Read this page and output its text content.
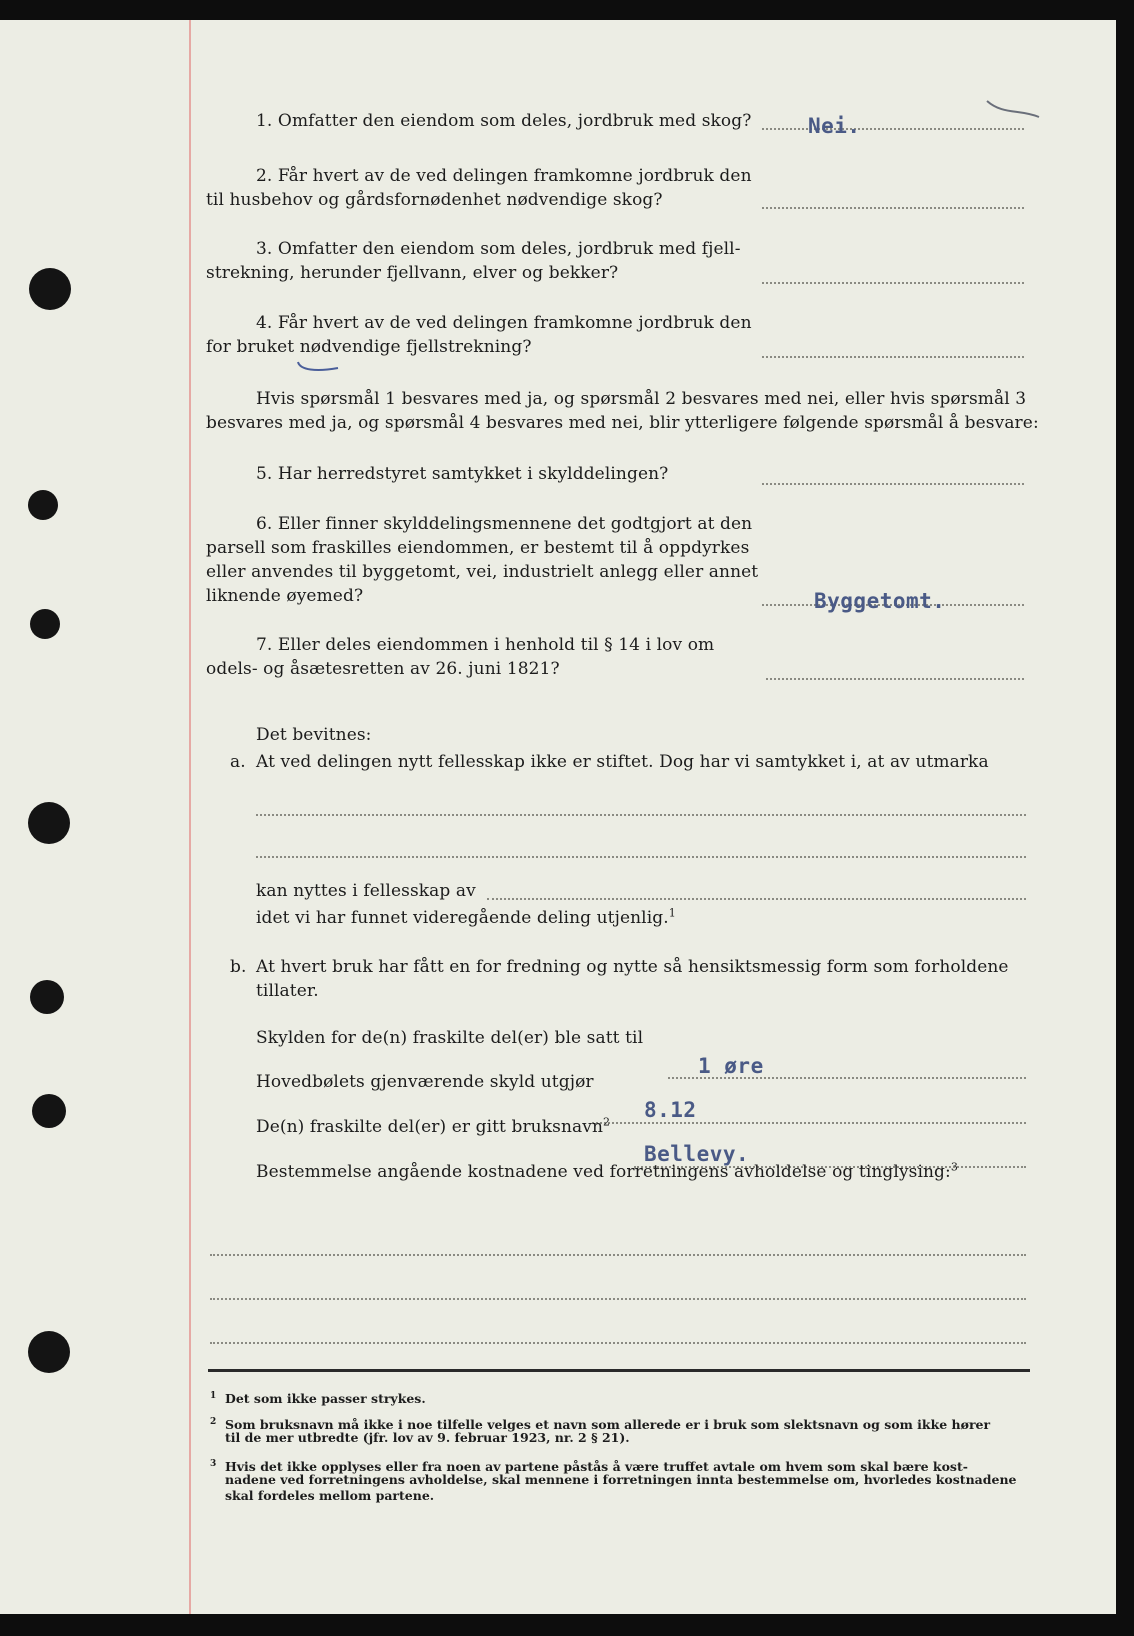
1. Omfatter den eiendom som deles, jordbruk med skog?	Nei.
2. Får hvert av de ved delingen framkomne jordbruk den
til husbehov og gårdsfornødenhet nødvendige skog?
3. Omfatter den eiendom som deles, jordbruk med fjell-
strekning, herunder fjellvann, elver og bekker?
4. Får hvert av de ved delingen framkomne jordbruk den
for bruket nødvendige fjellstrekning?
Hvis spørsmål 1 besvares med ja, og spørsmål 2 besvares med nei, eller hvis spørsmål 3
besvares med ja, og spørsmål 4 besvares med nei, blir ytterligere følgende spørsmål å besvare:
5. Har herredstyret samtykket i skylddelingen?
6. Eller finner skylddelingsmennene det godtgjort at den
parsell som fraskilles eiendommen, er bestemt til å oppdyrkes
eller anvendes til byggetomt, vei, industrielt anlegg eller annet
liknende øyemed?	Byggetomt.
7. Eller deles eiendommen i henhold til § 14 i lov om
odels- og åsætesretten av 26. juni 1821?
Det bevitnes:
a. At ved delingen nytt fellesskap ikke er stiftet. Dog har vi samtykket i, at av utmarka
kan nyttes i fellesskap av
idet vi har funnet videregående deling utjenlig.$^1$
b. At hvert bruk har fått en for fredning og nytte så hensiktsmessig form som forholdene
tillater.
Skylden for de(n) fraskilte del(er) ble satt til
1 øre
Hovedbølets gjenværende skyld utgjør
8.12
De(n) fraskilte del(er) er gitt bruksnavn$^2$
Bellevy.
Bestemmelse angående kostnadene ved forretningens avholdelse og tinglysing:$^3$
$^1$ Det som ikke passer strykes.
$^2$ Som bruksnavn må ikke i noe tilfelle velges et navn som allerede er i bruk som slektsnavn og som ikke hører
til de mer utbredte (jfr. lov av 9. februar 1923, nr. 2 § 21).
$^3$ Hvis det ikke opplyses eller fra noen av partene påstås å være truffet avtale om hvem som skal bære kost-
nadene ved forretningens avholdelse, skal mennene i forretningen innta bestemmelse om, hvorledes kostnadene
skal fordeles mellom partene.
